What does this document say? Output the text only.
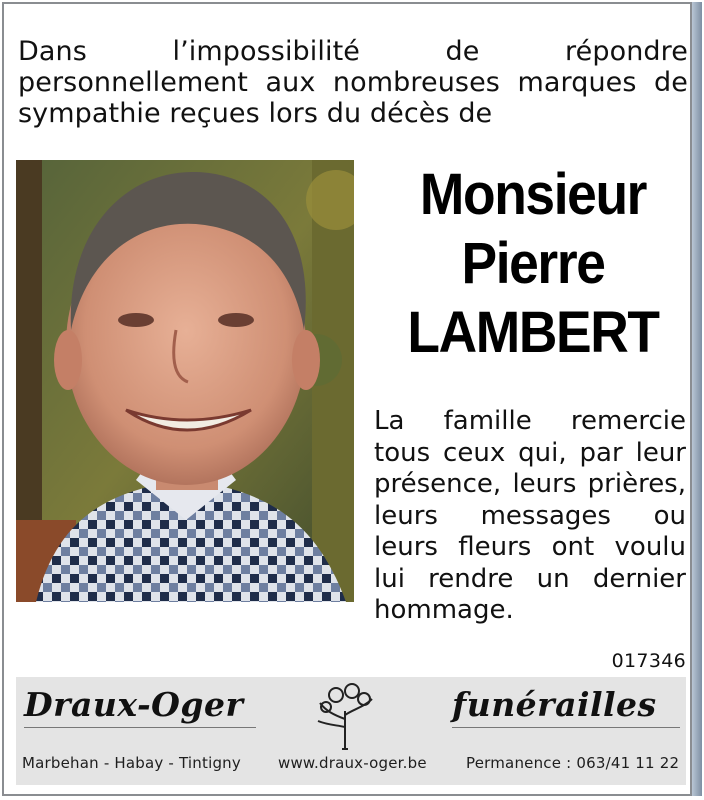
Dans l’impossibilité de répondre personnellement aux nombreuses marques de sympathie reçues lors du décès de
Monsieur
Pierre
LAMBERT
La famille remercie tous ceux qui, par leur présence, leurs prières, leurs messages ou leurs fleurs ont voulu lui rendre un dernier hommage.
017346
Draux-Oger	funérailles
Marbehan - Habay - Tintigny www.draux-oger.be	Permanence : 063/41 11 22
